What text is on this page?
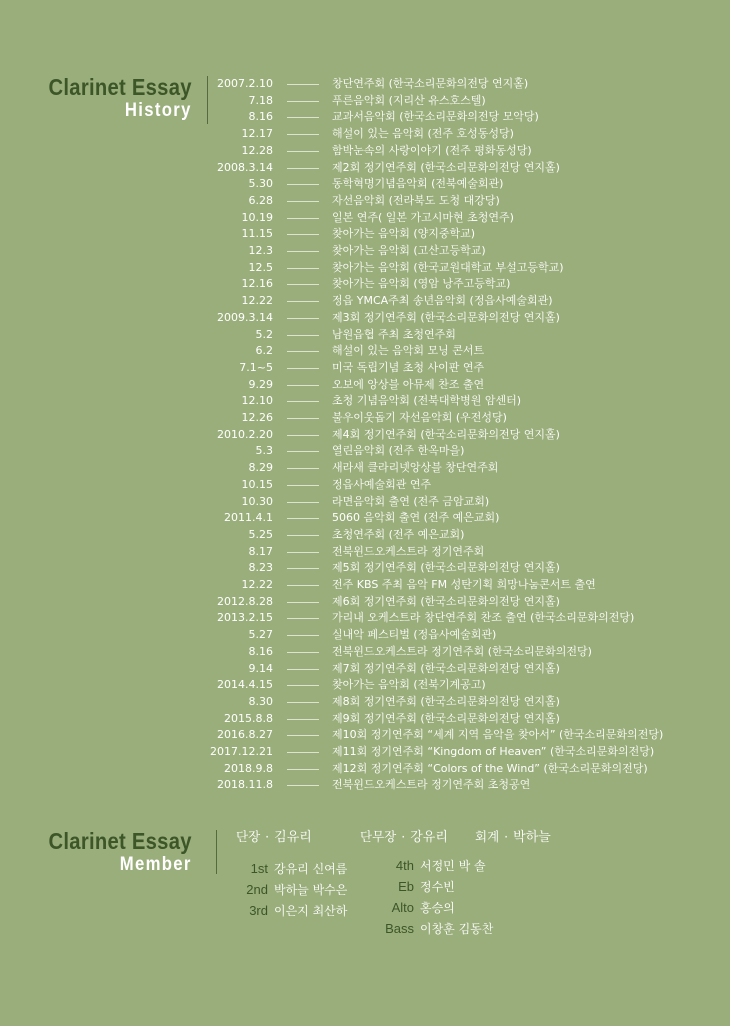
Clarinet Essay
History
2007.2.10	창단연주회 (한국소리문화의전당 연지홀)
7.18	푸른음악회 (지리산 유스호스텔)
8.16	교과서음악회 (한국소리문화의전당 모악당)
12.17	해설이 있는 음악회 (전주 호성동성당)
12.28	함박눈속의 사랑이야기 (전주 평화동성당)
2008.3.14	제2회 정기연주회 (한국소리문화의전당 연지홀)
5.30	동학혁명기념음악회 (전북예술회관)
6.28	자선음악회 (전라북도 도청 대강당)
10.19	일본 연주( 일본 가고시마현 초청연주)
11.15	찾아가는 음악회 (양지중학교)
12.3	찾아가는 음악회 (고산고등학교)
12.5	찾아가는 음악회 (한국교원대학교 부설고등학교)
12.16	찾아가는 음악회 (영암 낭주고등학교)
12.22	정읍 YMCA주최 송년음악회 (정읍사예술회관)
2009.3.14	제3회 정기연주회 (한국소리문화의전당 연지홀)
5.2	남원읍협 주최 초청연주회
6.2	해설이 있는 음악회 모닝 콘서트
7.1~5	미국 독립기념 초청 사이판 연주
9.29	오보에 앙상블 아뮤제 찬조 출연
12.10	초청 기념음악회 (전북대학병원 암센터)
12.26	불우이웃돕기 자선음악회 (우전성당)
2010.2.20	제4회 정기연주회 (한국소리문화의전당 연지홀)
5.3	열린음악회 (전주 한옥마을)
8.29	새라새 클라리넷앙상블 창단연주회
10.15	정읍사예술회관 연주
10.30	라면음악회 출연 (전주 금암교회)
2011.4.1	5060 음악회 출연 (전주 예은교회)
5.25	초청연주회 (전주 예은교회)
8.17	전북윈드오케스트라 정기연주회
8.23	제5회 정기연주회 (한국소리문화의전당 연지홀)
12.22	전주 KBS 주최 음악 FM 성탄기획 희망나눔콘서트 출연
2012.8.28	제6회 정기연주회 (한국소리문화의전당 연지홀)
2013.2.15	가리내 오케스트라 창단연주회 찬조 출연 (한국소리문화의전당)
5.27	실내악 페스티벌 (정읍사예술회관)
8.16	전북윈드오케스트라 정기연주회 (한국소리문화의전당)
9.14	제7회 정기연주회 (한국소리문화의전당 연지홀)
2014.4.15	찾아가는 음악회 (전북기계공고)
8.30	제8회 정기연주회 (한국소리문화의전당 연지홀)
2015.8.8	제9회 정기연주회 (한국소리문화의전당 연지홀)
2016.8.27	제10회 정기연주회 “세계 지역 음악을 찾아서” (한국소리문화의전당)
2017.12.21	제11회 정기연주회 “Kingdom of Heaven” (한국소리문화의전당)
2018.9.8	제12회 정기연주회 “Colors of the Wind” (한국소리문화의전당)
2018.11.8	전북윈드오케스트라 정기연주회 초청공연
Clarinet Essay
Member
단장 · 김유리	단무장 · 강유리 회계 · 박하늘
1st 강유리 신여름
2nd 박하늘 박수은
3rd 이은지 최산하
4th 서정민 박 솔
Eb 정수빈
Alto 홍승의
Bass 이창훈 김동찬
